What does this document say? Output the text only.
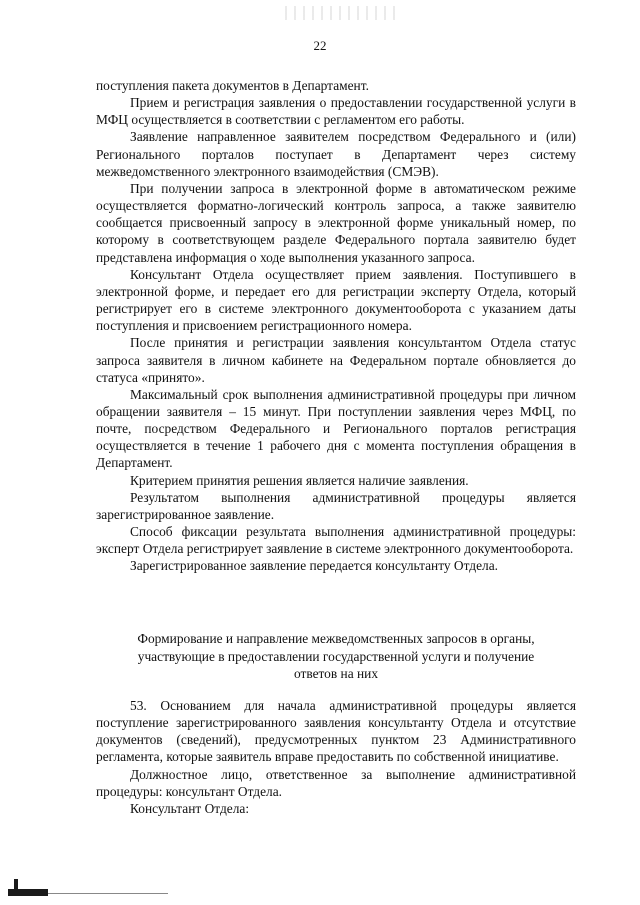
22

поступления пакета документов в Департамент.

Прием и регистрация заявления о предоставлении государственной услуги в МФЦ осуществляется в соответствии с регламентом его работы.

Заявление направленное заявителем посредством Федерального и (или) Регионального порталов поступает в Департамент через систему межведомственного электронного взаимодействия (СМЭВ).

При получении запроса в электронной форме в автоматическом режиме осуществляется форматно-логический контроль запроса, а также заявителю сообщается присвоенный запросу в электронной форме уникальный номер, по которому в соответствующем разделе Федерального портала заявителю будет представлена информация о ходе выполнения указанного запроса.

Консультант Отдела осуществляет прием заявления. Поступившего в электронной форме, и передает его для регистрации эксперту Отдела, который регистрирует его в системе электронного документооборота с указанием даты поступления и присвоением регистрационного номера.

После принятия и регистрации заявления консультантом Отдела статус запроса заявителя в личном кабинете на Федеральном портале обновляется до статуса «принято».

Максимальный срок выполнения административной процедуры при личном обращении заявителя – 15 минут. При поступлении заявления через МФЦ, по почте, посредством Федерального и Регионального порталов регистрация осуществляется в течение 1 рабочего дня с момента поступления обращения в Департамент.

Критерием принятия решения является наличие заявления.

Результатом выполнения административной процедуры является зарегистрированное заявление.

Способ фиксации результата выполнения административной процедуры: эксперт Отдела регистрирует заявление в системе электронного документооборота.

Зарегистрированное заявление передается консультанту Отдела.

Формирование и направление межведомственных запросов в органы,
участвующие в предоставлении государственной услуги и получение
ответов на них

53. Основанием для начала административной процедуры является поступление зарегистрированного заявления консультанту Отдела и отсутствие документов (сведений), предусмотренных пунктом 23 Административного регламента, которые заявитель вправе предоставить по собственной инициативе.

Должностное лицо, ответственное за выполнение административной процедуры: консультант Отдела.

Консультант Отдела:
